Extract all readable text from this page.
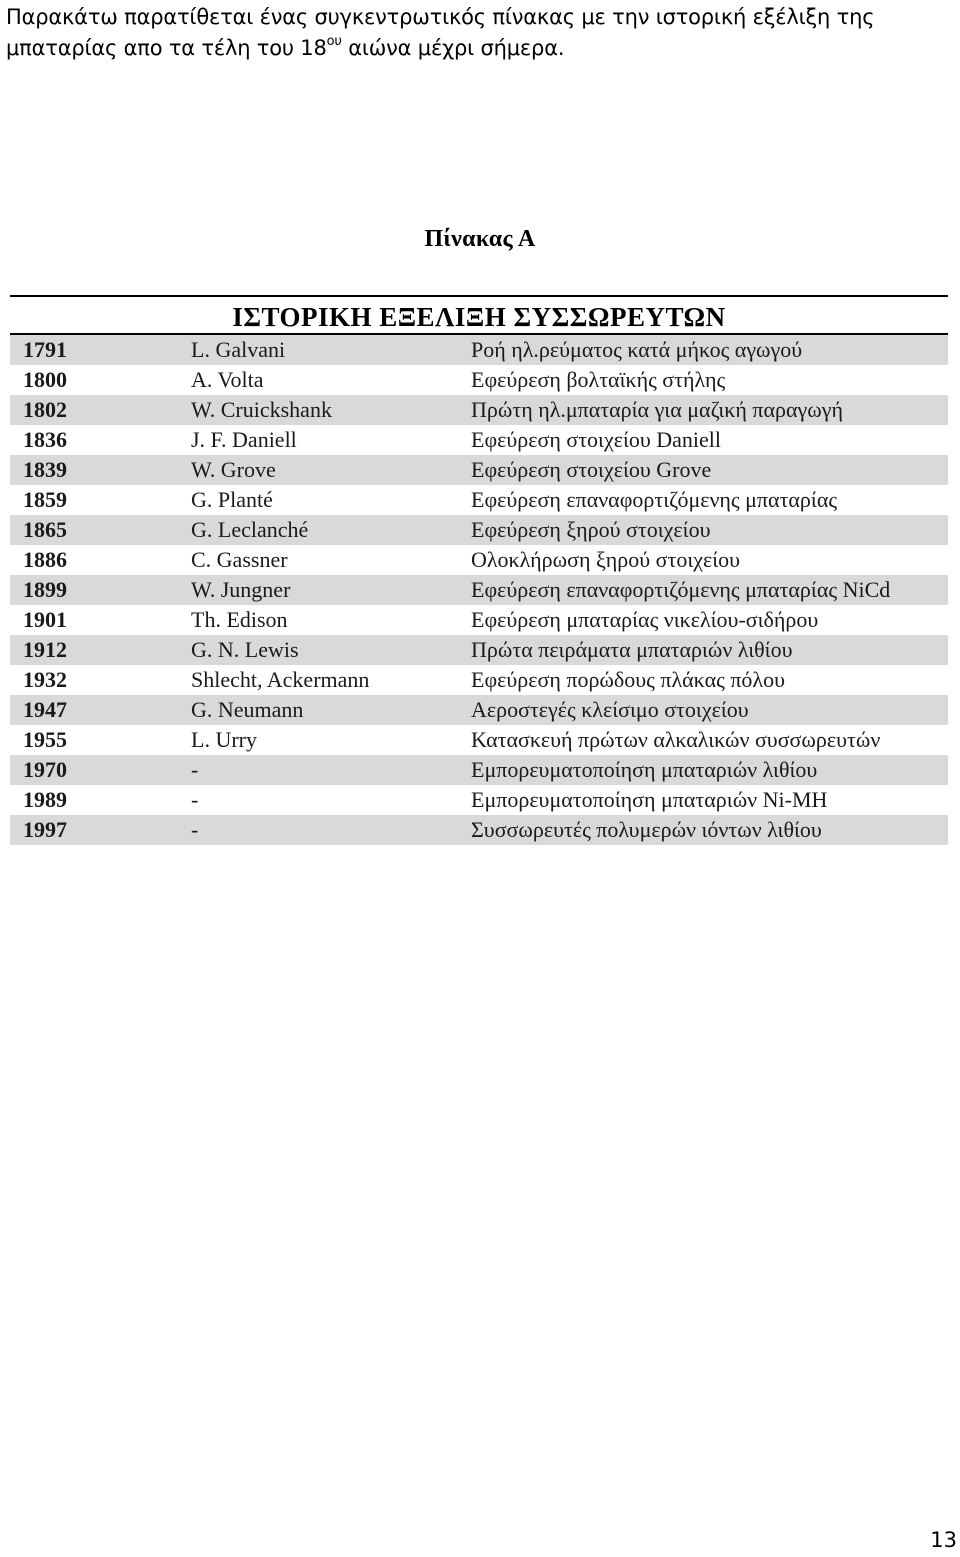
Παρακάτω παρατίθεται ένας συγκεντρωτικός πίνακας με την ιστορική εξέλιξη της
μπαταρίας απο τα τέλη του $18^{o\upsilon}$ αιώνα μέχρι σήμερα.

Πίνακας Α
ΙΣΤΟΡΙΚΗ ΕΞΕΛΙΞΗ ΣΥΣΣΩΡΕΥΤΩΝ
1791	L. Galvani	Ροή ηλ.ρεύματος κατά μήκος αγωγού
1800	A. Volta	Εφεύρεση βολταϊκής στήλης
1802	W. Cruickshank	Πρώτη ηλ.μπαταρία για μαζική παραγωγή
1836	J. F. Daniell	Εφεύρεση στοιχείου Daniell
1839	W. Grove	Εφεύρεση στοιχείου Grove
1859	G. Planté	Εφεύρεση επαναφορτιζόμενης μπαταρίας
1865	G. Leclanché	Εφεύρεση ξηρού στοιχείου
1886	C. Gassner	Ολοκλήρωση ξηρού στοιχείου
1899	W. Jungner	Εφεύρεση επαναφορτιζόμενης μπαταρίας NiCd
1901	Th. Edison	Εφεύρεση μπαταρίας νικελίου-σιδήρου
1912	G. N. Lewis	Πρώτα πειράματα μπαταριών λιθίου
1932	Shlecht, Ackermann	Εφεύρεση πορώδους πλάκας πόλου
1947	G. Neumann	Αεροστεγές κλείσιμο στοιχείου
1955	L. Urry	Κατασκευή πρώτων αλκαλικών συσσωρευτών
1970	-	Εμπορευματοποίηση μπαταριών λιθίου
1989	-	Εμπορευματοποίηση μπαταριών Ni-MH
1997	-	Συσσωρευτές πολυμερών ιόντων λιθίου
13
